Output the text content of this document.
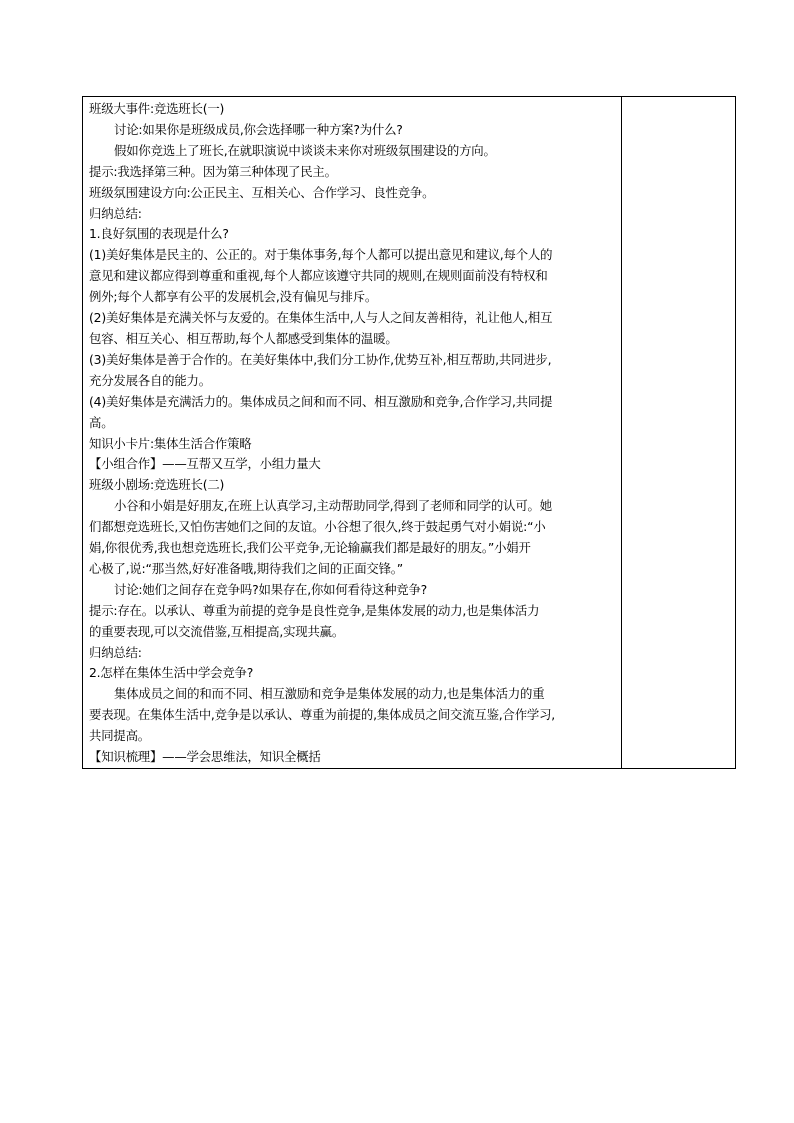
班级大事件:竞选班长(一)

讨论:如果你是班级成员,你会选择哪一种方案?为什么?

假如你竞选上了班长,在就职演说中谈谈未来你对班级氛围建设的方向。

提示:我选择第三种。因为第三种体现了民主。

班级氛围建设方向:公正民主、互相关心、合作学习、良性竞争。

归纳总结:

1.良好氛围的表现是什么?

(1)美好集体是民主的、公正的。对于集体事务,每个人都可以提出意见和建议,每个人的

意见和建议都应得到尊重和重视,每个人都应该遵守共同的规则,在规则面前没有特权和

例外;每个人都享有公平的发展机会,没有偏见与排斥。

(2)美好集体是充满关怀与友爱的。在集体生活中,人与人之间友善相待，礼让他人,相互

包容、相互关心、相互帮助,每个人都感受到集体的温暖。

(3)美好集体是善于合作的。在美好集体中,我们分工协作,优势互补,相互帮助,共同进步,

充分发展各自的能力。

(4)美好集体是充满活力的。集体成员之间和而不同、相互激励和竞争,合作学习,共同提

高。

知识小卡片:集体生活合作策略

【小组合作】——互帮又互学，小组力量大

班级小剧场:竞选班长(二)

小谷和小娟是好朋友,在班上认真学习,主动帮助同学,得到了老师和同学的认可。她

们都想竞选班长,又怕伤害她们之间的友谊。小谷想了很久,终于鼓起勇气对小娟说:“小

娟,你很优秀,我也想竞选班长,我们公平竞争,无论输赢我们都是最好的朋友。”小娟开

心极了,说:“那当然,好好准备哦,期待我们之间的正面交锋。”

讨论:她们之间存在竞争吗?如果存在,你如何看待这种竞争?

提示:存在。以承认、尊重为前提的竞争是良性竞争,是集体发展的动力,也是集体活力

的重要表现,可以交流借鉴,互相提高,实现共赢。

归纳总结:

2.怎样在集体生活中学会竞争?

集体成员之间的和而不同、相互激励和竞争是集体发展的动力,也是集体活力的重

要表现。在集体生活中,竞争是以承认、尊重为前提的,集体成员之间交流互鉴,合作学习,

共同提高。

【知识梳理】——学会思维法，知识全概括
